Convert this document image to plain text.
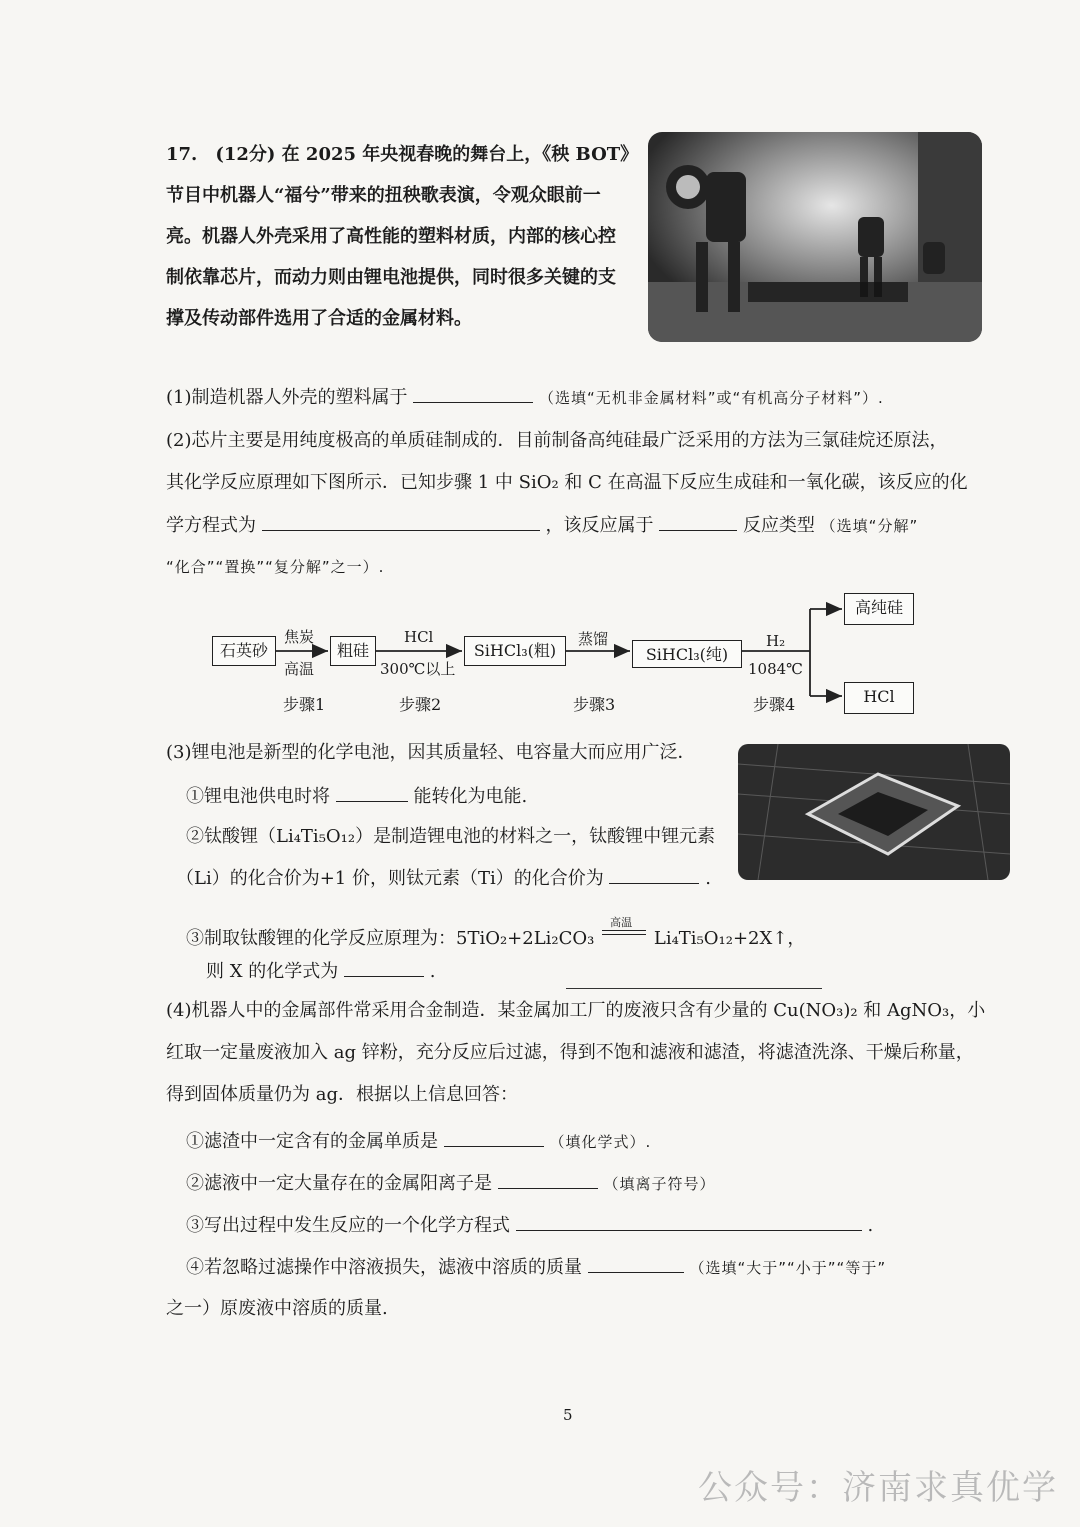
17.　(12分) 在 2025 年央视春晚的舞台上，《秧 BOT》
节目中机器人“福兮”带来的扭秧歌表演，令观众眼前一
亮。机器人外壳采用了高性能的塑料材质，内部的核心控
制依靠芯片，而动力则由锂电池提供，同时很多关键的支
撑及传动部件选用了合适的金属材料。
(1)制造机器人外壳的塑料属于	（选填“无机非金属材料”或“有机高分子材料”）.
(2)芯片主要是用纯度极高的单质硅制成的．目前制备高纯硅最广泛采用的方法为三氯硅烷还原法，
其化学反应原理如下图所示．已知步骤 1 中 SiO₂ 和 C 在高温下反应生成硅和一氧化碳，该反应的化
学方程式为	，该反应属于	反应类型 （选填“分解”
“化合”“置换”“复分解”之一）.
石英砂	粗硅	SiHCl₃(粗)	SiHCl₃(纯)
高纯硅
HCl
焦炭
高温
HCl
300℃以上
蒸馏	H₂
1084℃
步骤1	步骤2	步骤3	步骤4
(3)锂电池是新型的化学电池，因其质量轻、电容量大而应用广泛．
①锂电池供电时将	能转化为电能.
②钛酸锂（Li₄Ti₅O₁₂）是制造锂电池的材料之一，钛酸锂中锂元素
（Li）的化合价为+1 价，则钛元素（Ti）的化合价为	.
③制取钛酸锂的化学反应原理为：5TiO₂+2Li₂CO₃
高温
Li₄Ti₅O₁₂+2X↑，
则 X 的化学式为	.
(4)机器人中的金属部件常采用合金制造．某金属加工厂的废液只含有少量的 Cu(NO₃)₂ 和 AgNO₃，小
红取一定量废液加入 ag 锌粉，充分反应后过滤，得到不饱和滤液和滤渣，将滤渣洗涤、干燥后称量，
得到固体质量仍为 ag．根据以上信息回答：
①滤渣中一定含有的金属单质是	（填化学式）.
②滤液中一定大量存在的金属阳离子是	（填离子符号）
③写出过程中发生反应的一个化学方程式	.
④若忽略过滤操作中溶液损失，滤液中溶质的质量	（选填“大于”“小于”“等于”
之一）原废液中溶质的质量.
5
公众号：济南求真优学
